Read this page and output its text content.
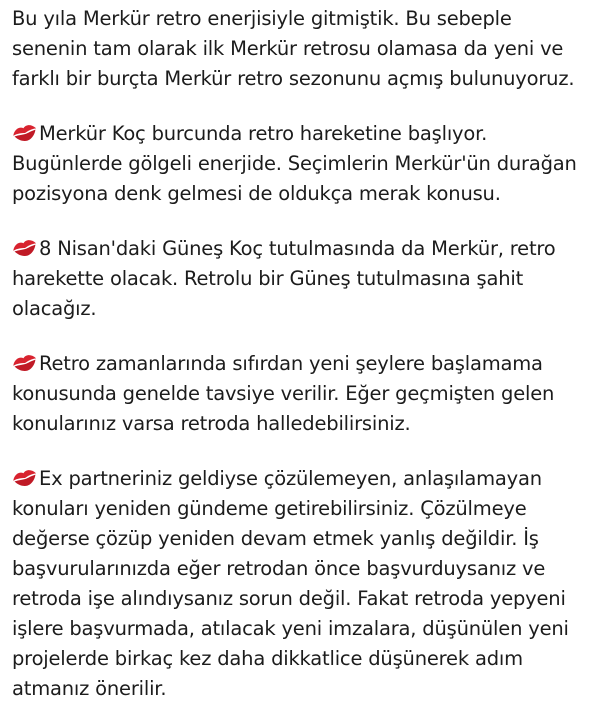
Bu yıla Merkür retro enerjisiyle gitmiştik. Bu sebeple senenin tam olarak ilk Merkür retrosu olamasa da yeni ve farklı bir burçta Merkür retro sezonunu açmış bulunuyoruz.

Merkür Koç burcunda retro hareketine başlıyor. Bugünlerde gölgeli enerjide. Seçimlerin Merkür'ün durağan pozisyona denk gelmesi de oldukça merak konusu.

8 Nisan'daki Güneş Koç tutulmasında da Merkür, retro harekette olacak. Retrolu bir Güneş tutulmasına şahit olacağız.

Retro zamanlarında sıfırdan yeni şeylere başlamama konusunda genelde tavsiye verilir. Eğer geçmişten gelen konularınız varsa retroda halledebilirsiniz.

Ex partneriniz geldiyse çözülemeyen, anlaşılamayan konuları yeniden gündeme getirebilirsiniz. Çözülmeye değerse çözüp yeniden devam etmek yanlış değildir. İş başvurularınızda eğer retrodan önce başvurduysanız ve retroda işe alındıysanız sorun değil. Fakat retroda yepyeni işlere başvurmada, atılacak yeni imzalara, düşünülen yeni projelerde birkaç kez daha dikkatlice düşünerek adım atmanız önerilir.
